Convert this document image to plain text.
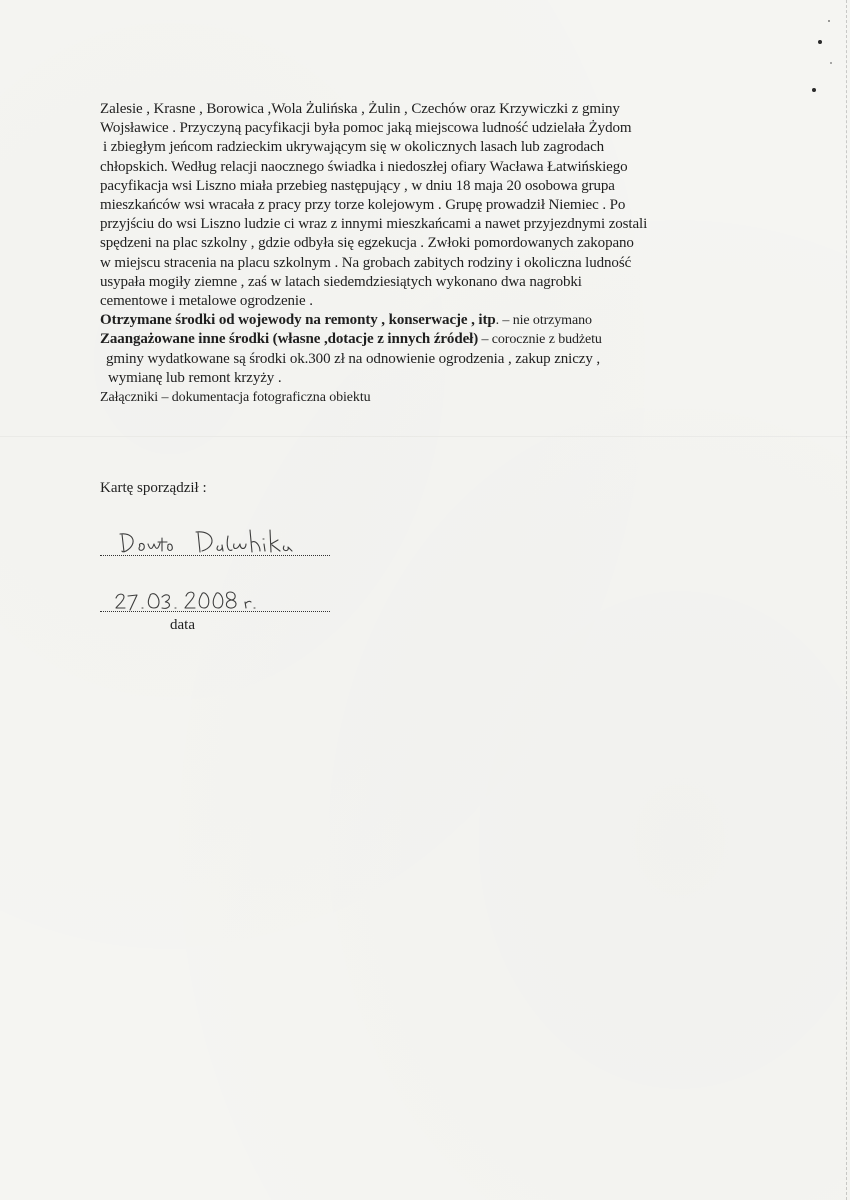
Zalesie , Krasne , Borowica ,Wola Żulińska , Żulin , Czechów oraz Krzywiczki z gminy
Wojsławice . Przyczyną pacyfikacji była pomoc jaką miejscowa ludność udzielała Żydom
i zbiegłym jeńcom radzieckim ukrywającym się w okolicznych lasach lub zagrodach
chłopskich. Według relacji naocznego świadka i niedoszłej ofiary Wacława Łatwińskiego
pacyfikacja wsi Liszno miała przebieg następujący , w dniu 18 maja 20 osobowa grupa
mieszkańców wsi wracała z pracy przy torze kolejowym . Grupę prowadził Niemiec . Po
przyjściu do wsi Liszno ludzie ci wraz z innymi mieszkańcami a nawet przyjezdnymi zostali
spędzeni na plac szkolny , gdzie odbyła się egzekucja . Zwłoki pomordowanych zakopano
w miejscu stracenia na placu szkolnym . Na grobach zabitych rodziny i okoliczna ludność
usypała mogiły ziemne , zaś w latach siedemdziesiątych wykonano dwa nagrobki
cementowe i metalowe ogrodzenie .
Otrzymane środki od wojewody na remonty , konserwacje , itp. – nie otrzymano
Zaangażowane inne środki (własne ,dotacje z innych źródeł) – corocznie z budżetu
gminy wydatkowane są środki ok.300 zł na odnowienie ogrodzenia , zakup zniczy ,
wymianę lub remont krzyży .
Załączniki – dokumentacja fotograficzna obiektu
Kartę sporządził :
data
